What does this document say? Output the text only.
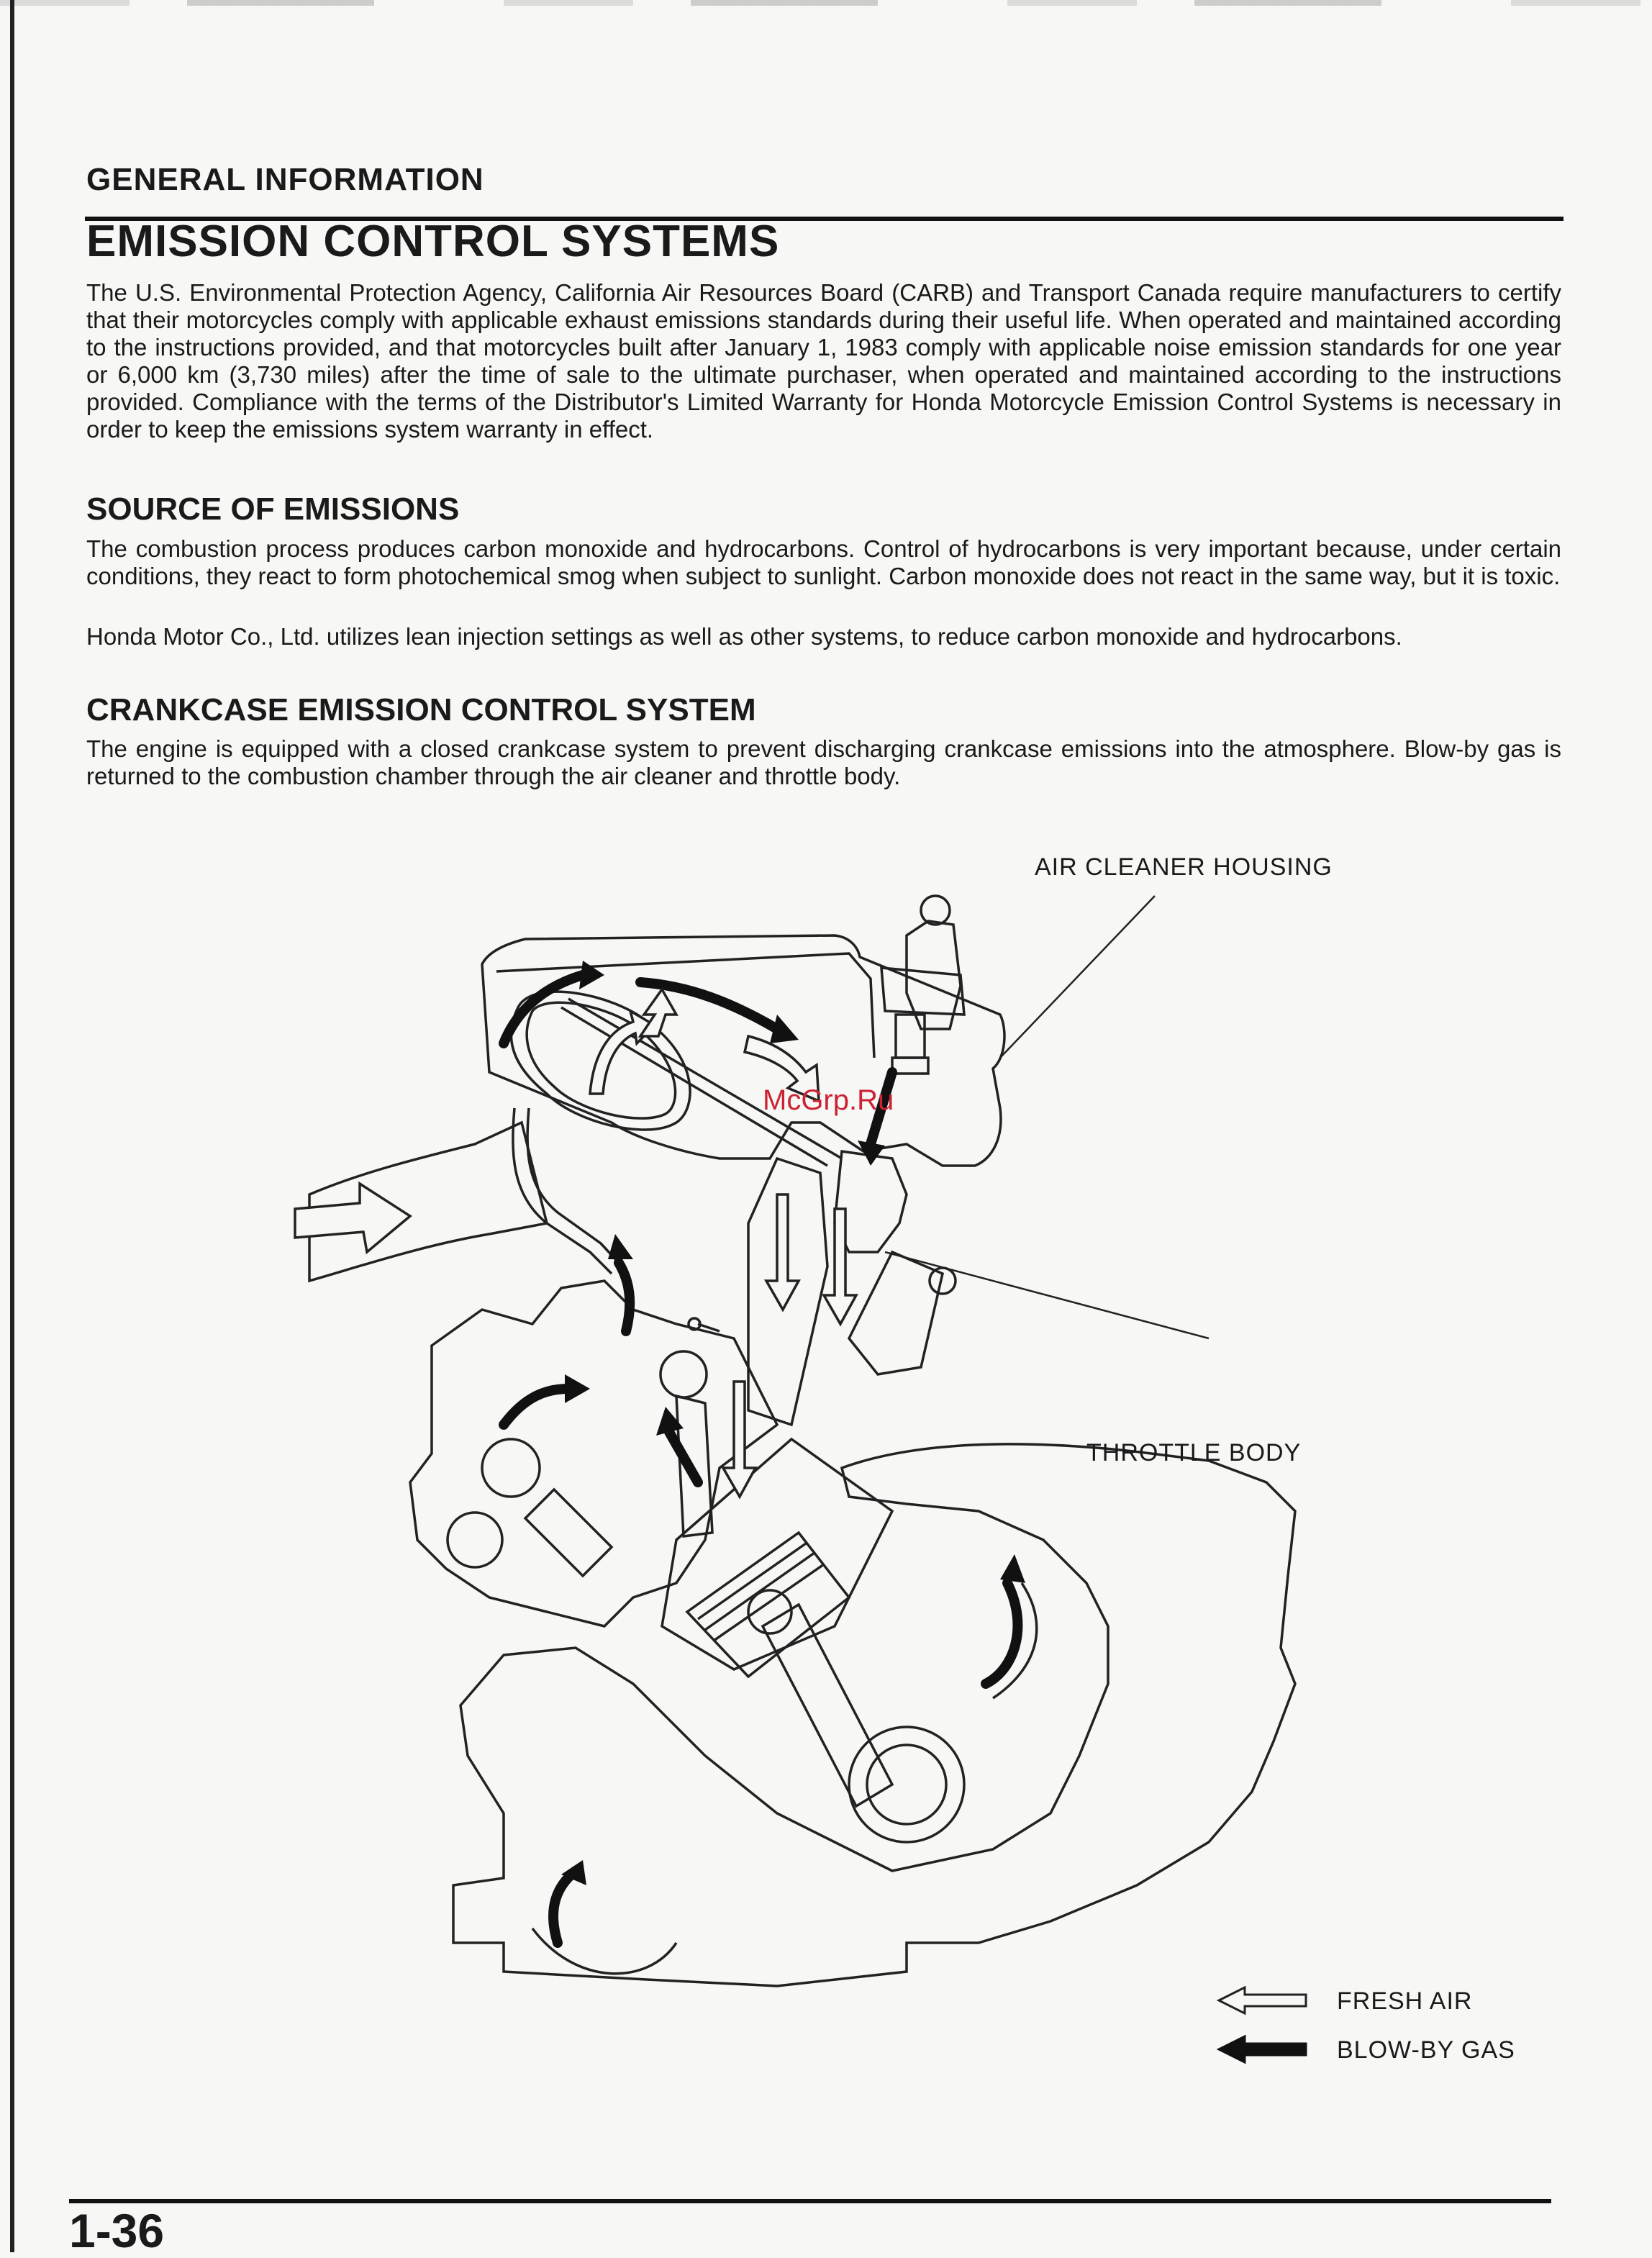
GENERAL INFORMATION
EMISSION CONTROL SYSTEMS

The U.S. Environmental Protection Agency, California Air Resources Board (CARB) and Transport Canada require manufacturers to certify that their motorcycles comply with applicable exhaust emissions standards during their useful life. When operated and maintained according to the instructions provided, and that motorcycles built after January 1, 1983 comply with applicable noise emission standards for one year or 6,000 km (3,730 miles) after the time of sale to the ultimate purchaser, when operated and maintained according to the instructions provided. Compliance with the terms of the Distributor's Limited Warranty for Honda Motorcycle Emission Control Systems is necessary in order to keep the emissions system warranty in effect.

SOURCE OF EMISSIONS

The combustion process produces carbon monoxide and hydrocarbons. Control of hydrocarbons is very important because, under certain conditions, they react to form photochemical smog when subject to sunlight. Carbon monoxide does not react in the same way, but it is toxic.

Honda Motor Co., Ltd. utilizes lean injection settings as well as other systems, to reduce carbon monoxide and hydrocarbons.

CRANKCASE EMISSION CONTROL SYSTEM

The engine is equipped with a closed crankcase system to prevent discharging crankcase emissions into the atmosphere. Blow-by gas is returned to the combustion chamber through the air cleaner and throttle body.

McGrp.Ru
AIR CLEANER HOUSING
THROTTLE BODY
FRESH AIR
BLOW-BY GAS
1-36
